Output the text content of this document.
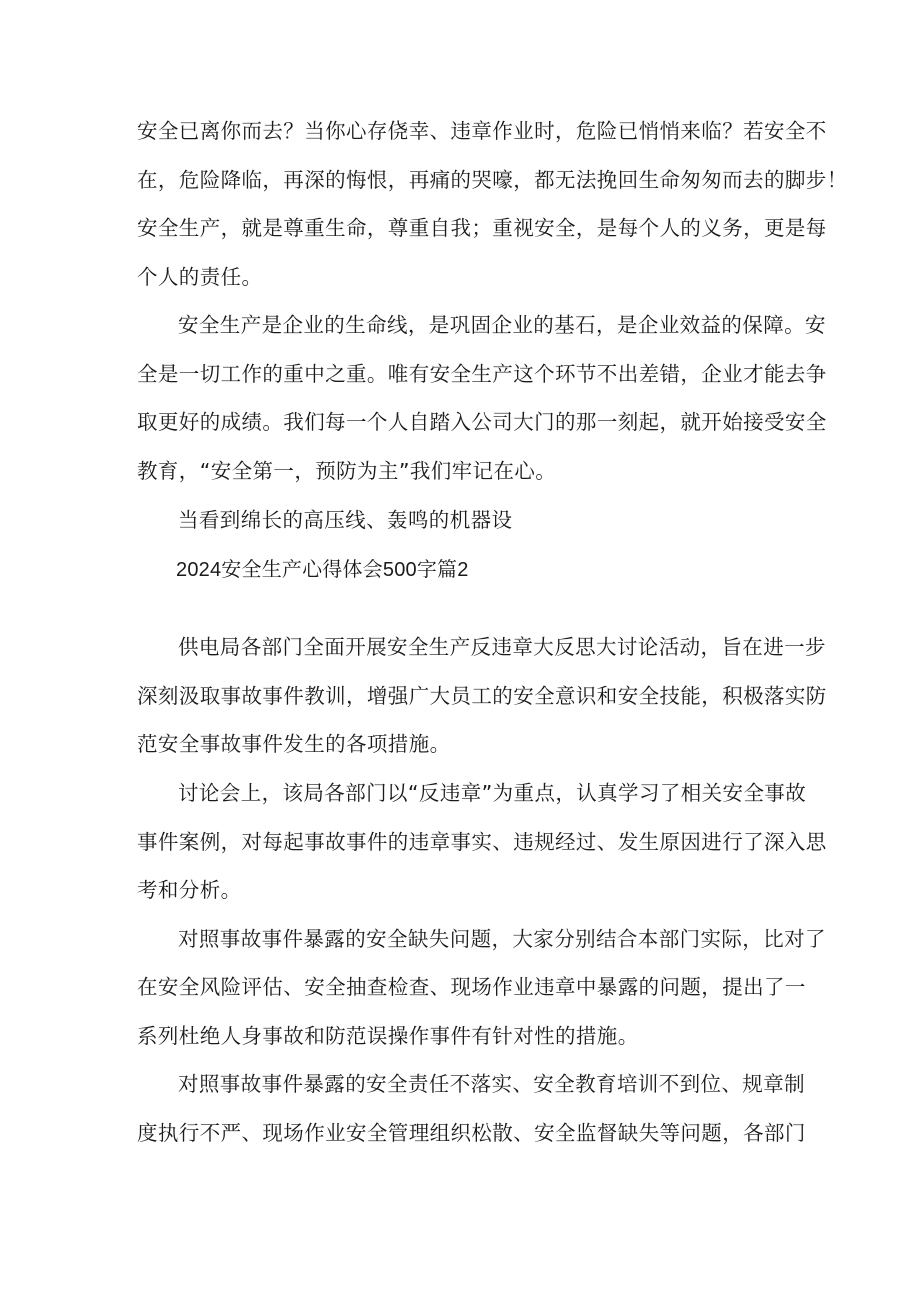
安全已离你而去？当你心存侥幸、违章作业时，危险已悄悄来临？若安全不

在，危险降临，再深的悔恨，再痛的哭嚎，都无法挽回生命匆匆而去的脚步！

安全生产，就是尊重生命，尊重自我；重视安全，是每个人的义务，更是每

个人的责任。

安全生产是企业的生命线，是巩固企业的基石，是企业效益的保障。安

全是一切工作的重中之重。唯有安全生产这个环节不出差错，企业才能去争

取更好的成绩。我们每一个人自踏入公司大门的那一刻起，就开始接受安全

教育，“安全第一，预防为主”我们牢记在心。

当看到绵长的高压线、轰鸣的机器设

2024安全生产心得体会500字篇2

供电局各部门全面开展安全生产反违章大反思大讨论活动，旨在进一步

深刻汲取事故事件教训，增强广大员工的安全意识和安全技能，积极落实防

范安全事故事件发生的各项措施。

讨论会上，该局各部门以“反违章”为重点，认真学习了相关安全事故

事件案例，对每起事故事件的违章事实、违规经过、发生原因进行了深入思

考和分析。

对照事故事件暴露的安全缺失问题，大家分别结合本部门实际，比对了

在安全风险评估、安全抽查检查、现场作业违章中暴露的问题，提出了一

系列杜绝人身事故和防范误操作事件有针对性的措施。

对照事故事件暴露的安全责任不落实、安全教育培训不到位、规章制

度执行不严、现场作业安全管理组织松散、安全监督缺失等问题，各部门
